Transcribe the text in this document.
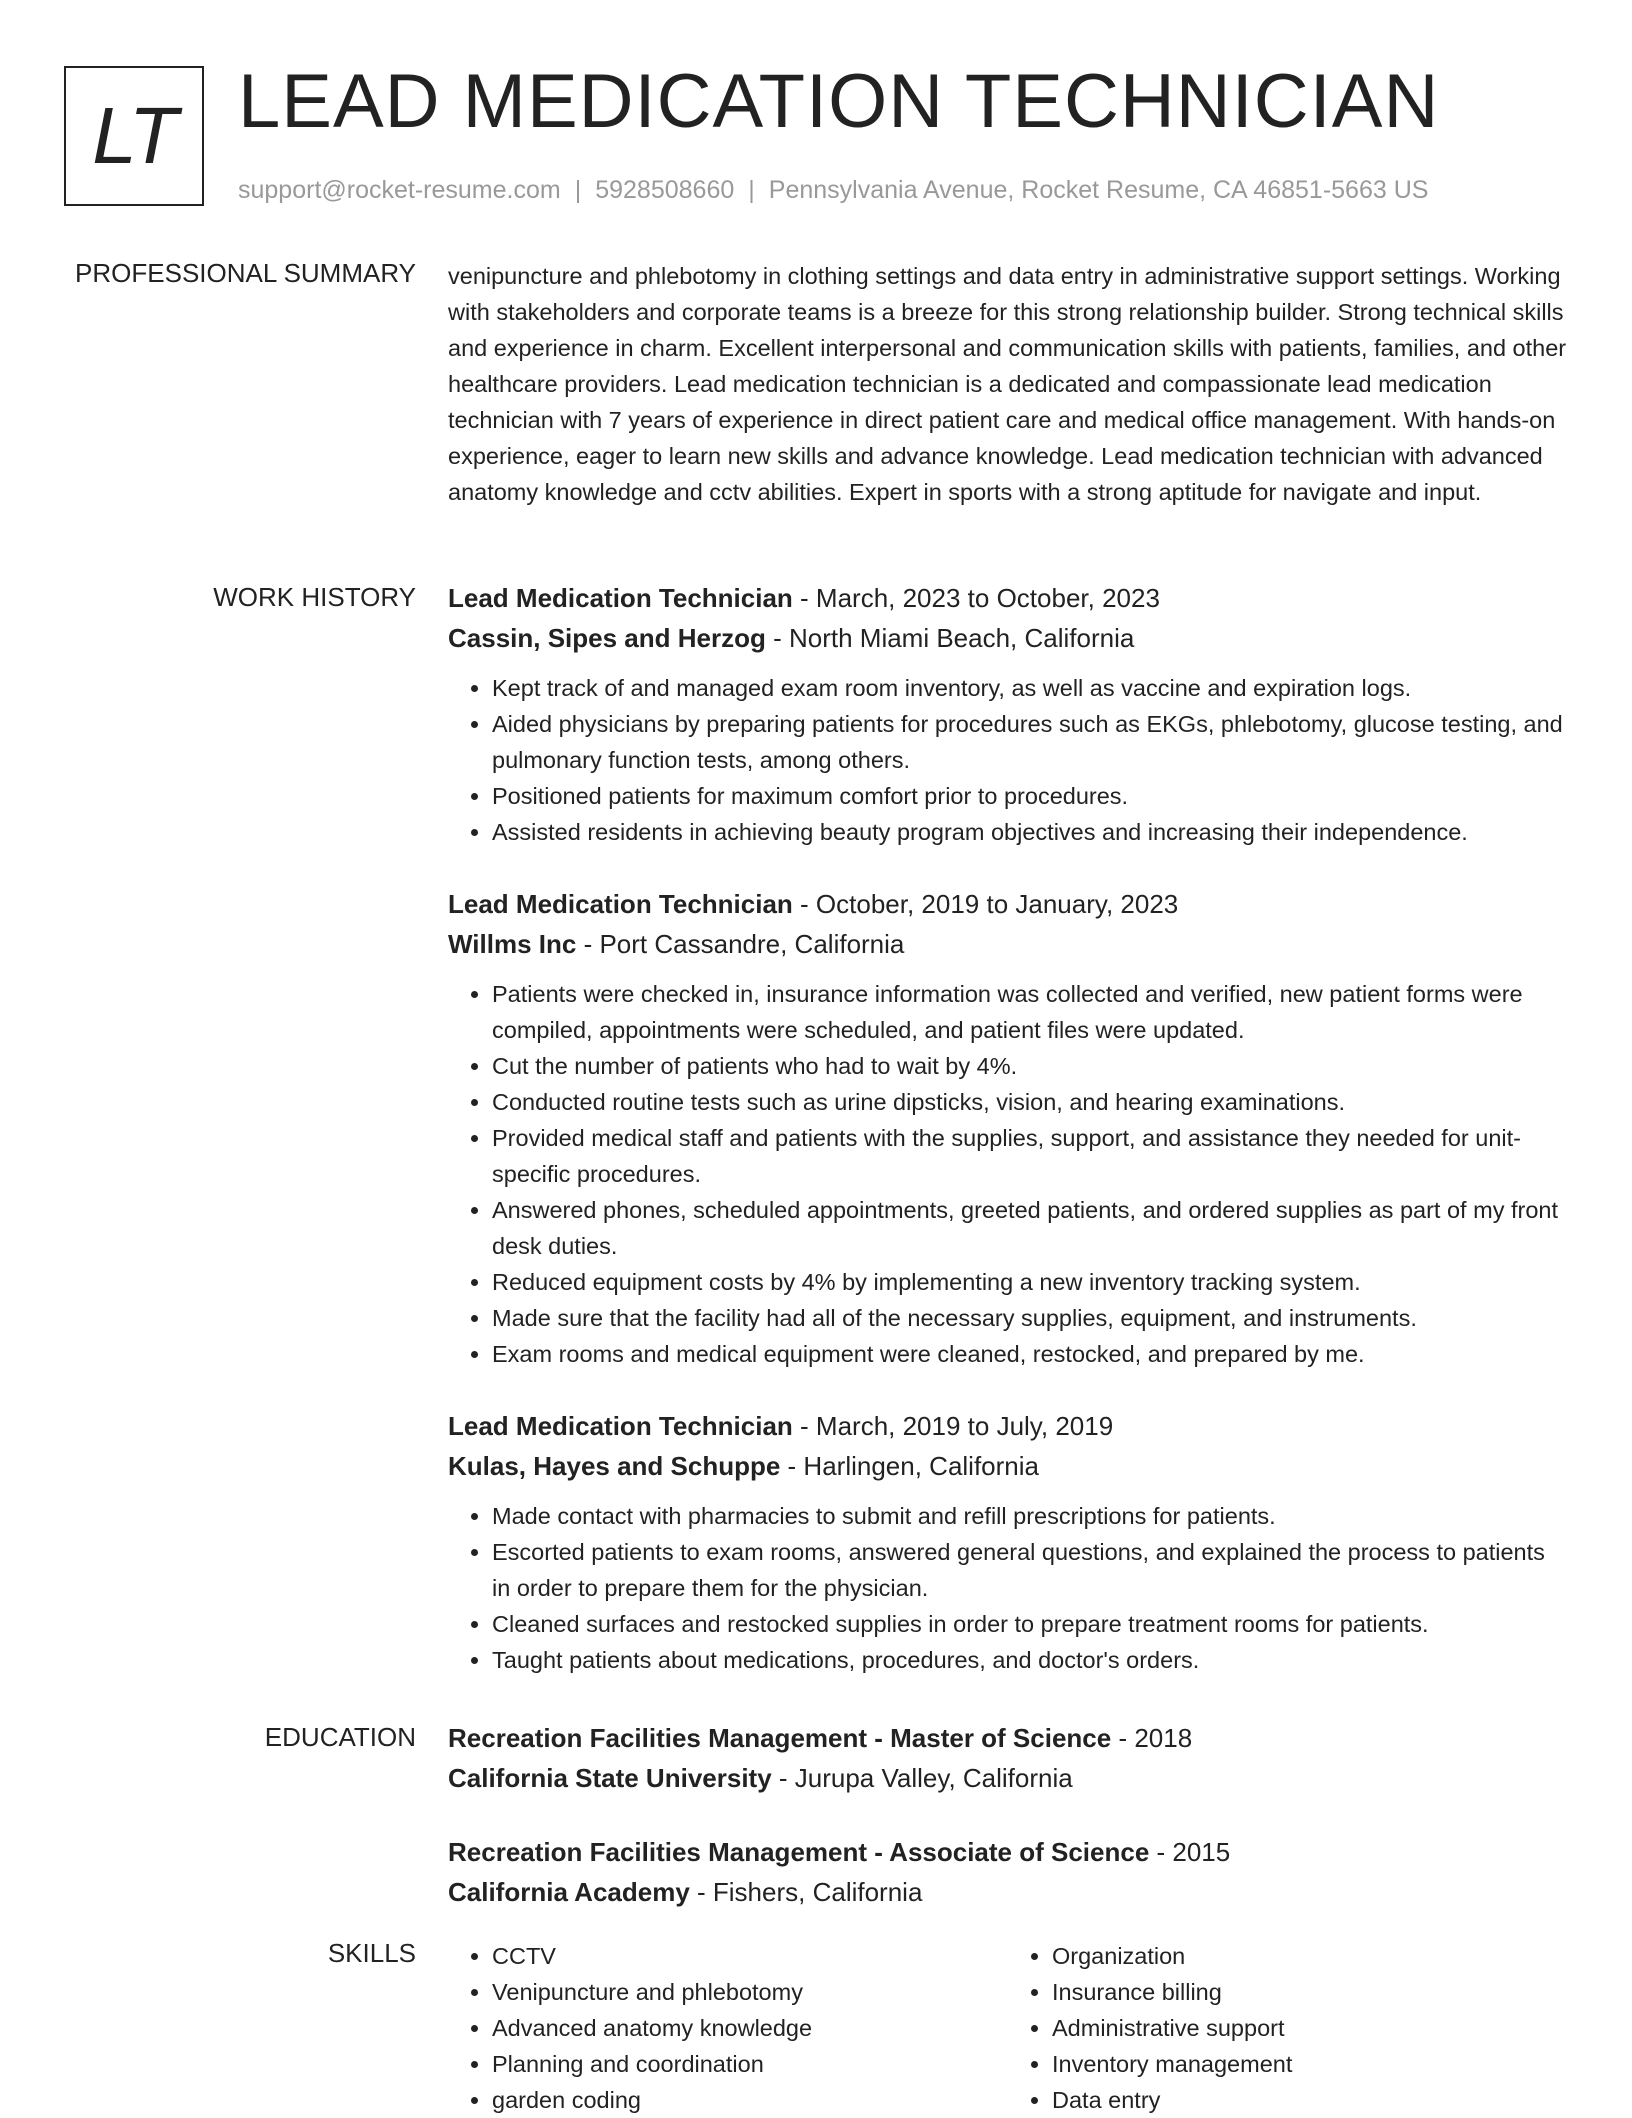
LT LEAD MEDICATION TECHNICIAN
support@rocket-resume.com | 5928508660 | Pennsylvania Avenue, Rocket Resume, CA 46851-5663 US
PROFESSIONAL SUMMARY venipuncture and phlebotomy in clothing settings and data entry in administrative support settings. Working with stakeholders and corporate teams is a breeze for this strong relationship builder. Strong technical skills and experience in charm. Excellent interpersonal and communication skills with patients, families, and other healthcare providers. Lead medication technician is a dedicated and compassionate lead medication technician with 7 years of experience in direct patient care and medical office management. With hands-on experience, eager to learn new skills and advance knowledge. Lead medication technician with advanced anatomy knowledge and cctv abilities. Expert in sports with a strong aptitude for navigate and input.

WORK HISTORY Lead Medication Technician - March, 2023 to October, 2023
Cassin, Sipes and Herzog - North Miami Beach, California
• Kept track of and managed exam room inventory, as well as vaccine and expiration logs.
• Aided physicians by preparing patients for procedures such as EKGs, phlebotomy, glucose testing, and pulmonary function tests, among others.
• Positioned patients for maximum comfort prior to procedures.
• Assisted residents in achieving beauty program objectives and increasing their independence.
Lead Medication Technician - October, 2019 to January, 2023
Willms Inc - Port Cassandre, California
• Patients were checked in, insurance information was collected and verified, new patient forms were compiled, appointments were scheduled, and patient files were updated.
• Cut the number of patients who had to wait by 4%.
• Conducted routine tests such as urine dipsticks, vision, and hearing examinations.
• Provided medical staff and patients with the supplies, support, and assistance they needed for unit-specific procedures.
• Answered phones, scheduled appointments, greeted patients, and ordered supplies as part of my front desk duties.
• Reduced equipment costs by 4% by implementing a new inventory tracking system.
• Made sure that the facility had all of the necessary supplies, equipment, and instruments.
• Exam rooms and medical equipment were cleaned, restocked, and prepared by me.
Lead Medication Technician - March, 2019 to July, 2019
Kulas, Hayes and Schuppe - Harlingen, California
• Made contact with pharmacies to submit and refill prescriptions for patients.
• Escorted patients to exam rooms, answered general questions, and explained the process to patients in order to prepare them for the physician.
• Cleaned surfaces and restocked supplies in order to prepare treatment rooms for patients.
• Taught patients about medications, procedures, and doctor's orders.
EDUCATION Recreation Facilities Management - Master of Science - 2018
California State University - Jurupa Valley, California
Recreation Facilities Management - Associate of Science - 2015
California Academy - Fishers, California
SKILLS
•	CCTV
• Venipuncture and phlebotomy
• Advanced anatomy knowledge
• Planning and coordination
• garden coding
• Organization
• Insurance billing
• Administrative support
• Inventory management
• Data entry
